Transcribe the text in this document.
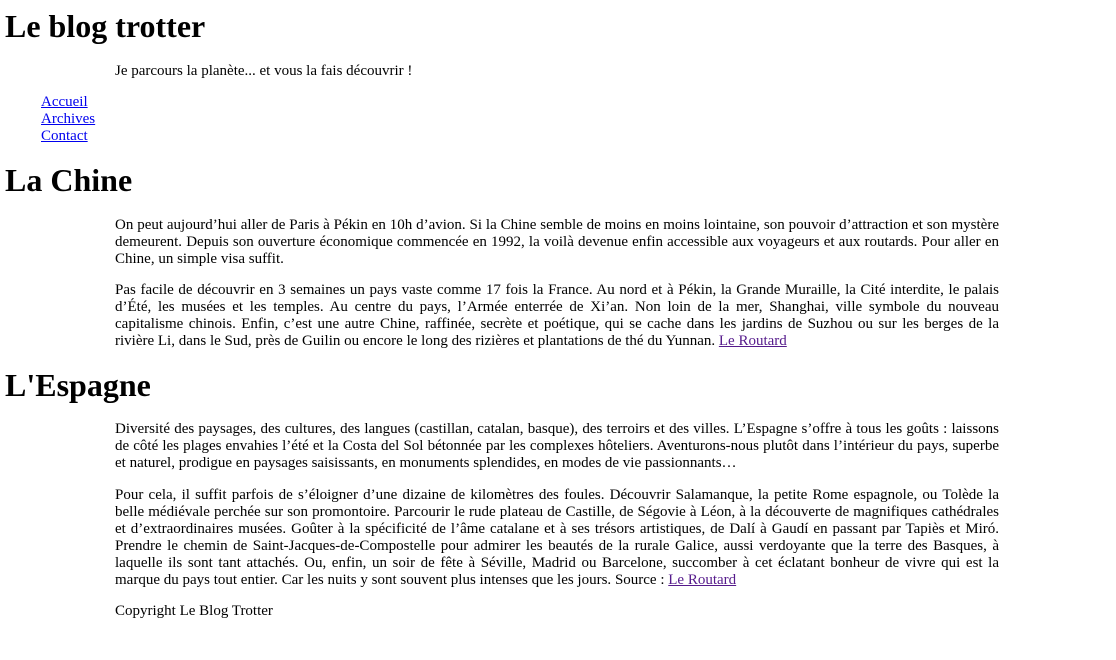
Le blog trotter

Je parcours la planète... et vous la fais découvrir !

Accueil
Archives
Contact
La Chine

On peut aujourd’hui aller de Paris à Pékin en 10h d’avion. Si la Chine semble de moins en moins lointaine, son pouvoir d’attraction et son mystère demeurent. Depuis son ouverture économique commencée en 1992, la voilà devenue enfin accessible aux voyageurs et aux routards. Pour aller en Chine, un simple visa suffit.

Pas facile de découvrir en 3 semaines un pays vaste comme 17 fois la France. Au nord et à Pékin, la Grande Muraille, la Cité interdite, le palais d’Été, les musées et les temples. Au centre du pays, l’Armée enterrée de Xi’an. Non loin de la mer, Shanghai, ville symbole du nouveau capitalisme chinois. Enfin, c’est une autre Chine, raffinée, secrète et poétique, qui se cache dans les jardins de Suzhou ou sur les berges de la rivière Li, dans le Sud, près de Guilin ou encore le long des rizières et plantations de thé du Yunnan. Le Routard

L'Espagne

Diversité des paysages, des cultures, des langues (castillan, catalan, basque), des terroirs et des villes. L’Espagne s’offre à tous les goûts : laissons de côté les plages envahies l’été et la Costa del Sol bétonnée par les complexes hôteliers. Aventurons-nous plutôt dans l’intérieur du pays, superbe et naturel, prodigue en paysages saisissants, en monuments splendides, en modes de vie passionnants…

Pour cela, il suffit parfois de s’éloigner d’une dizaine de kilomètres des foules. Découvrir Salamanque, la petite Rome espagnole, ou Tolède la belle médiévale perchée sur son promontoire. Parcourir le rude plateau de Castille, de Ségovie à Léon, à la découverte de magnifiques cathédrales et d’extraordinaires musées. Goûter à la spécificité de l’âme catalane et à ses trésors artistiques, de Dalí à Gaudí en passant par Tapiès et Miró. Prendre le chemin de Saint-Jacques-de-Compostelle pour admirer les beautés de la rurale Galice, aussi verdoyante que la terre des Basques, à laquelle ils sont tant attachés. Ou, enfin, un soir de fête à Séville, Madrid ou Barcelone, succomber à cet éclatant bonheur de vivre qui est la marque du pays tout entier. Car les nuits y sont souvent plus intenses que les jours. Source : Le Routard

Copyright Le Blog Trotter
